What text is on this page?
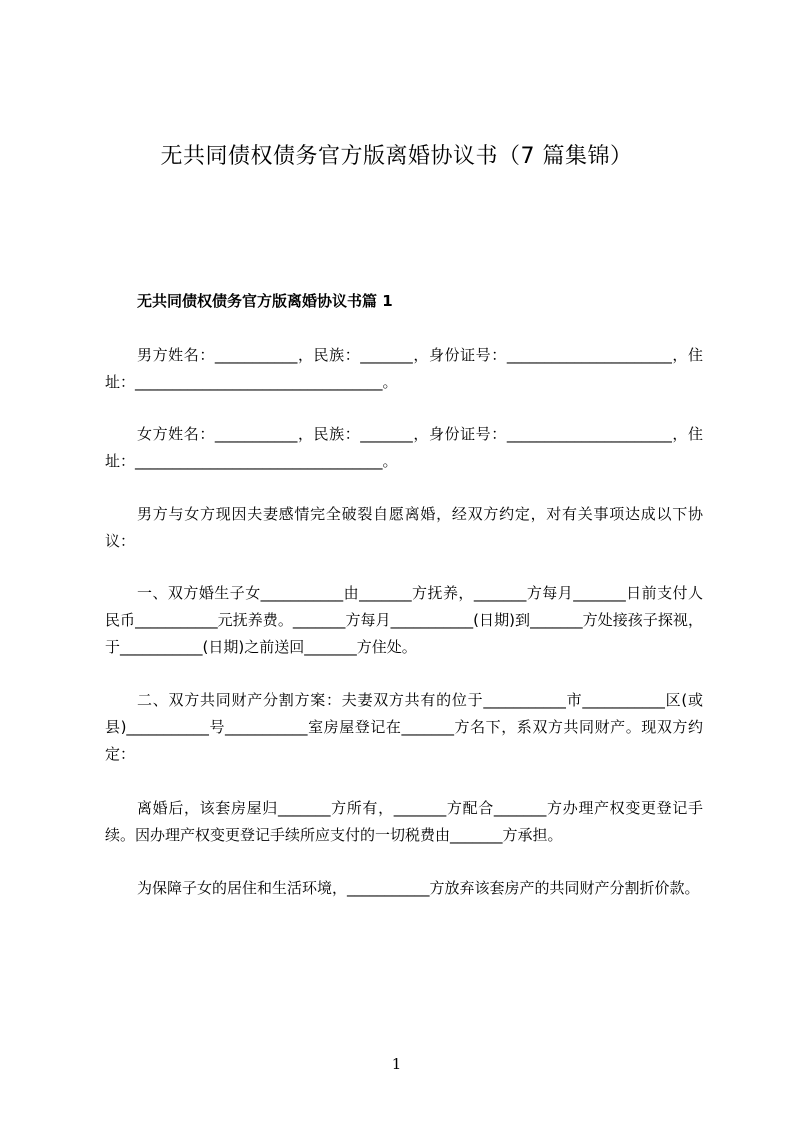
无共同债权债务官方版离婚协议书（7 篇集锦）
无共同债权债务官方版离婚协议书篇 1

男方姓名：___________，民族：_______，身份证号：______________________，住址：_________________________________。

女方姓名：___________，民族：_______，身份证号：______________________，住址：_________________________________。

男方与女方现因夫妻感情完全破裂自愿离婚，经双方约定，对有关事项达成以下协议：

一、双方婚生子女___________由_______方抚养，_______方每月_______日前支付人民币___________元抚养费。_______方每月___________(日期)到_______方处接孩子探视，于___________(日期)之前送回_______方住处。

二、双方共同财产分割方案：夫妻双方共有的位于___________市___________区(或县)___________号___________室房屋登记在_______方名下，系双方共同财产。现双方约定：

离婚后，该套房屋归_______方所有，_______方配合_______方办理产权变更登记手续。因办理产权变更登记手续所应支付的一切税费由_______方承担。

为保障子女的居住和生活环境，___________方放弃该套房产的共同财产分割折价款。

1
